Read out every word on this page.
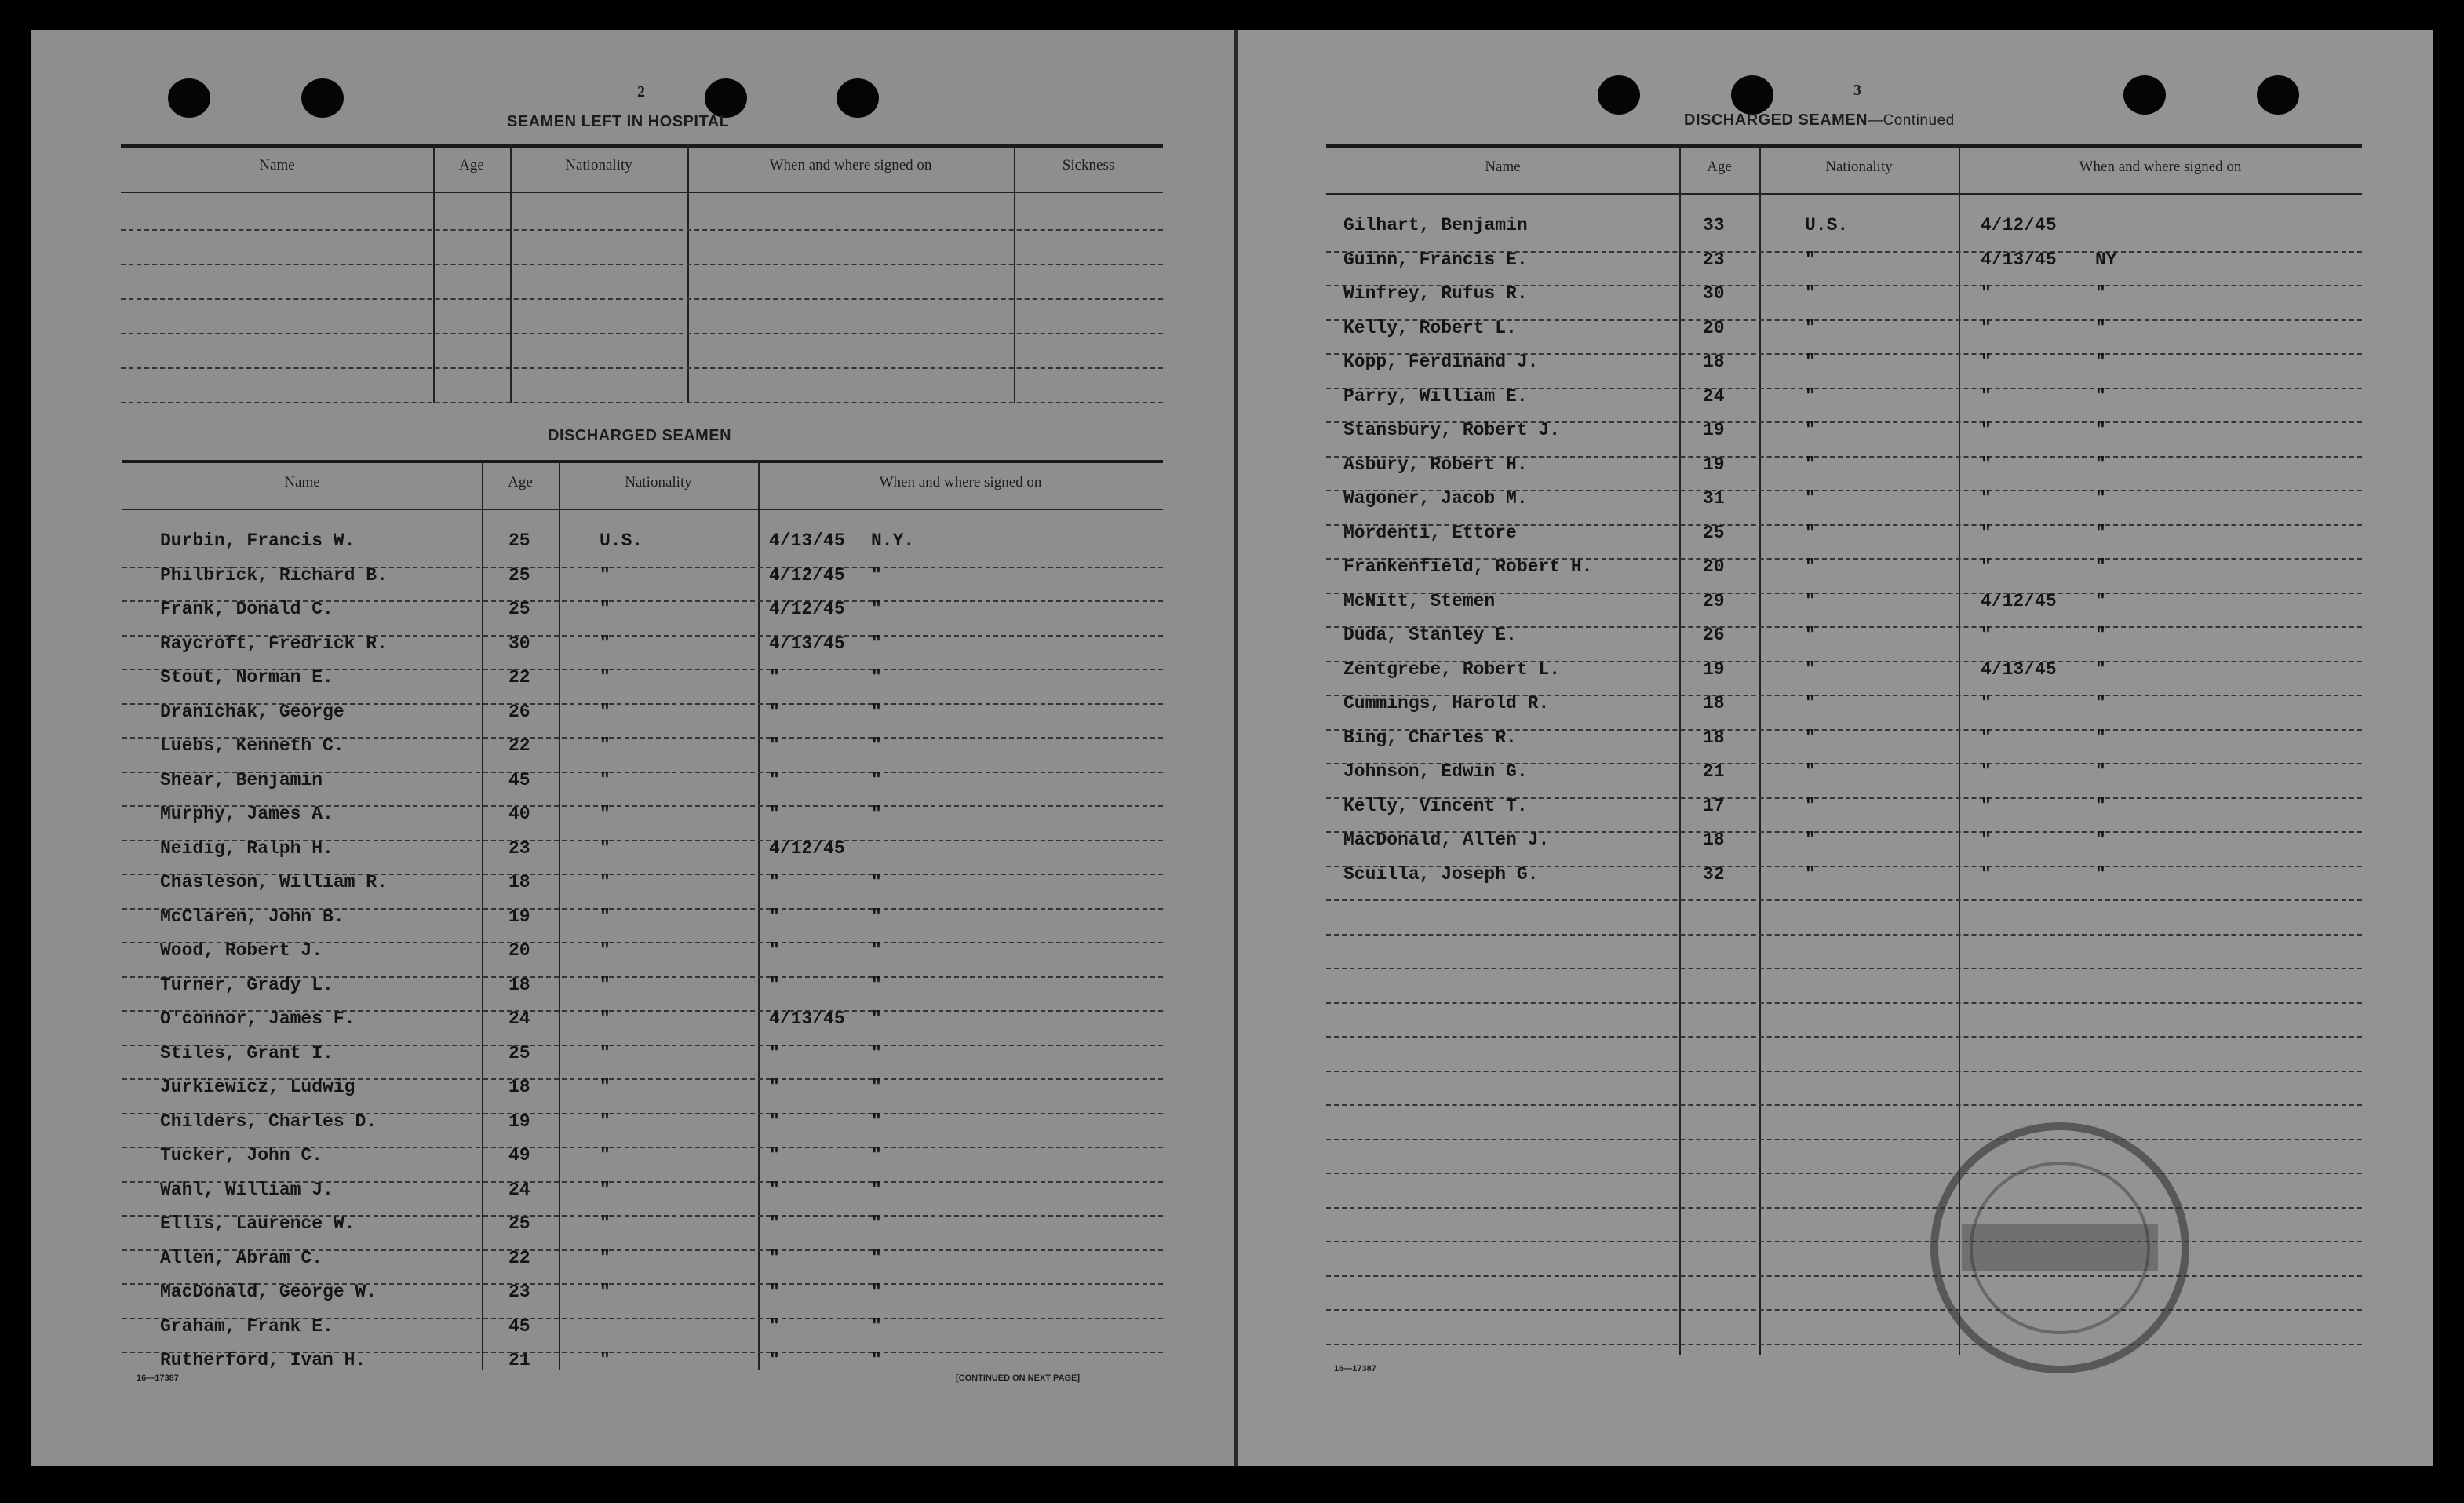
2
SEAMEN LEFT IN HOSPITAL
DISCHARGED SEAMEN
16—17387	[CONTINUED ON NEXT PAGE]
3
DISCHARGED SEAMEN—Continued
16—17387
Name	Age	Nationality	When and where signed on	Sickness
Name	Age	Nationality	When and where signed on
Durbin, Francis W.	25	U.S.	4/13/45 N.Y.
Philbrick, Richard B.	25	"	4/12/45 "
Frank, Donald C.	25	"	4/12/45 "
Raycroft, Fredrick R.	30	"	4/13/45 "
Stout, Norman E.	22	"	"	"
Dranichak, George	26	"	"	"
Luebs, Kenneth C.	22	"	"	"
Shear, Benjamin	45	"	"	"
Murphy, James A.	40	"	"	"
Neidig, Ralph H.	23	"	4/12/45
Chasleson, William R.	18	"	"	"
McClaren, John B.	19	"	"	"
Wood, Robert J.	20	"	"	"
Turner, Grady L.	18	"	"	"
O'connor, James F.	24	"	4/13/45 "
Stiles, Grant I.	25	"	"	"
Jurkiewicz, Ludwig	18	"	"	"
Childers, Charles D.	19	"	"	"
Tucker, John C.	49	"	"	"
Wahl, William J.	24	"	"	"
Ellis, Laurence W.	25	"	"	"
Allen, Abram C.	22	"	"	"
MacDonald, George W.	23	"	"	"
Graham, Frank E.	45	"	"
Rutherford, Ivan H.	21	"	"	"
Name	Age	Nationality	When and where signed on
Gilhart, Benjamin	33	U.S.	4/12/45
Guinn, Francis E.	23	"	4/13/45 NY
Winfrey, Rufus R.	30	"	"	"
Kelly, Robert L.	20	"	"	"
Kopp, Ferdinand J.	18	"	"	"
Parry, William E.	24	"	"	"
Stansbury, Robert J.	19	"	"	"
Asbury, Robert H.	19	"	"	"
Wagoner, Jacob M.	31	"	"	"
Mordenti, Ettore	25	"	"	"
Frankenfield, Robert H.	20	"	"	"
McNitt, Stemen	29	"	4/12/45 "
Duda, Stanley E.	26	"	"	"
Zentgrebe, Robert L.	19	"	4/13/45 "
Cummings, Harold R.	18	"	"	"
Bing, Charles R.	18	"	"	"
Johnson, Edwin G.	21	"	"	"
Kelly, Vincent T.	17	"	"	"
MacDonald, Allen J.	18	"	"	"
Scuilla, Joseph G.	32	"	"	"
